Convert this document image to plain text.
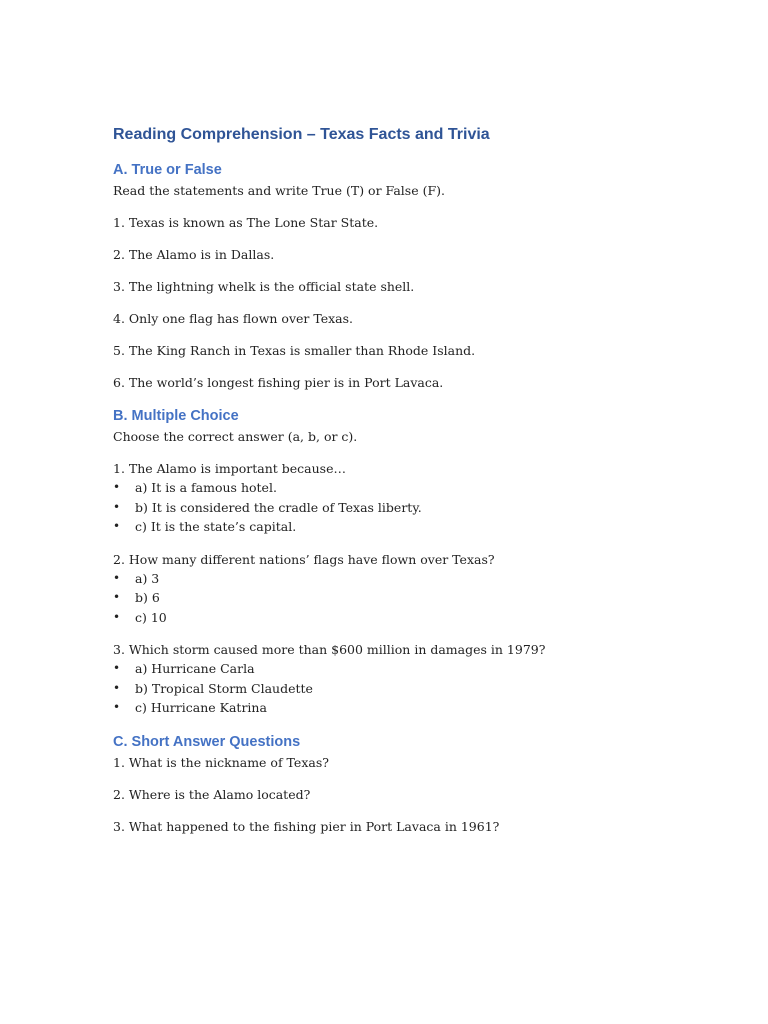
Reading Comprehension – Texas Facts and Trivia
A. True or False

Read the statements and write True (T) or False (F).

1. Texas is known as The Lone Star State.

2. The Alamo is in Dallas.

3. The lightning whelk is the official state shell.

4. Only one flag has flown over Texas.

5. The King Ranch in Texas is smaller than Rhode Island.

6. The world’s longest fishing pier is in Port Lavaca.

B. Multiple Choice

Choose the correct answer (a, b, or c).

1. The Alamo is important because…

• a) It is a famous hotel.
• b) It is considered the cradle of Texas liberty.
• c) It is the state’s capital.

2. How many different nations’ flags have flown over Texas?

• a) 3
• b) 6
• c) 10

3. Which storm caused more than $600 million in damages in 1979?

• a) Hurricane Carla
• b) Tropical Storm Claudette
• c) Hurricane Katrina
C. Short Answer Questions

1. What is the nickname of Texas?

2. Where is the Alamo located?

3. What happened to the fishing pier in Port Lavaca in 1961?
